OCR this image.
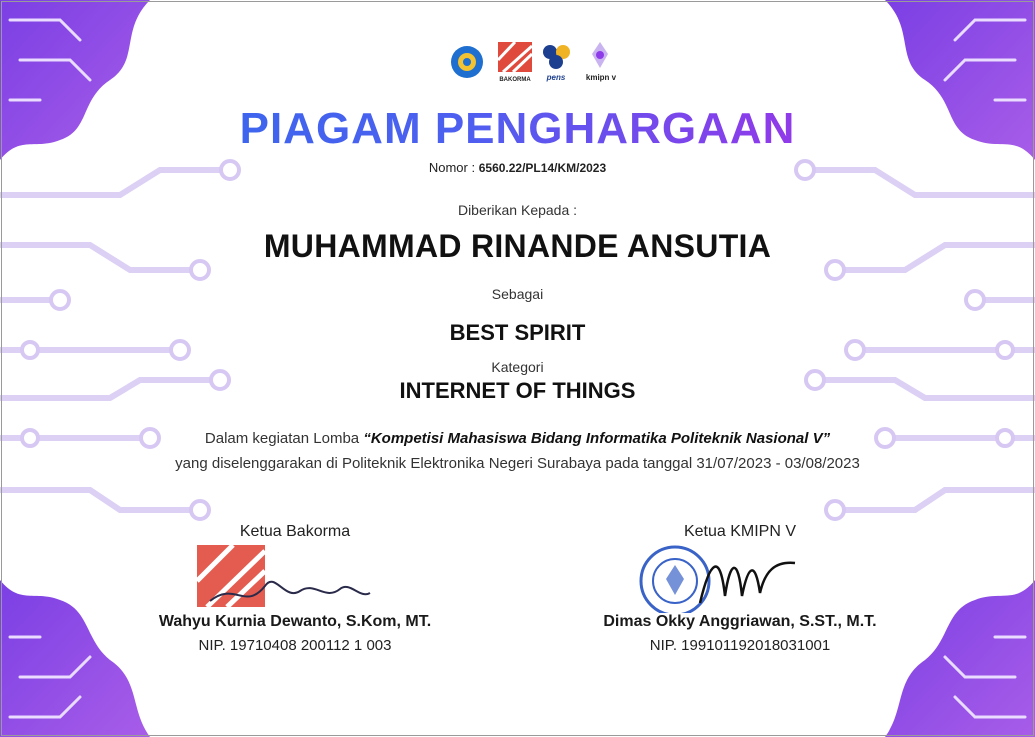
BAKORMA pens	kmipn v
PIAGAM PENGHARGAAN
Nomor : 6560.22/PL14/KM/2023
Diberikan Kepada :
MUHAMMAD RINANDE ANSUTIA
Sebagai
BEST SPIRIT
Kategori
INTERNET OF THINGS
Dalam kegiatan Lomba “Kompetisi Mahasiswa Bidang Informatika Politeknik Nasional V”
yang diselenggarakan di Politeknik Elektronika Negeri Surabaya pada tanggal 31/07/2023 - 03/08/2023
Ketua Bakorma
Wahyu Kurnia Dewanto, S.Kom, MT.
NIP. 19710408 200112 1 003
Ketua KMIPN V
Dimas Okky Anggriawan, S.ST., M.T.
NIP. 199101192018031001
